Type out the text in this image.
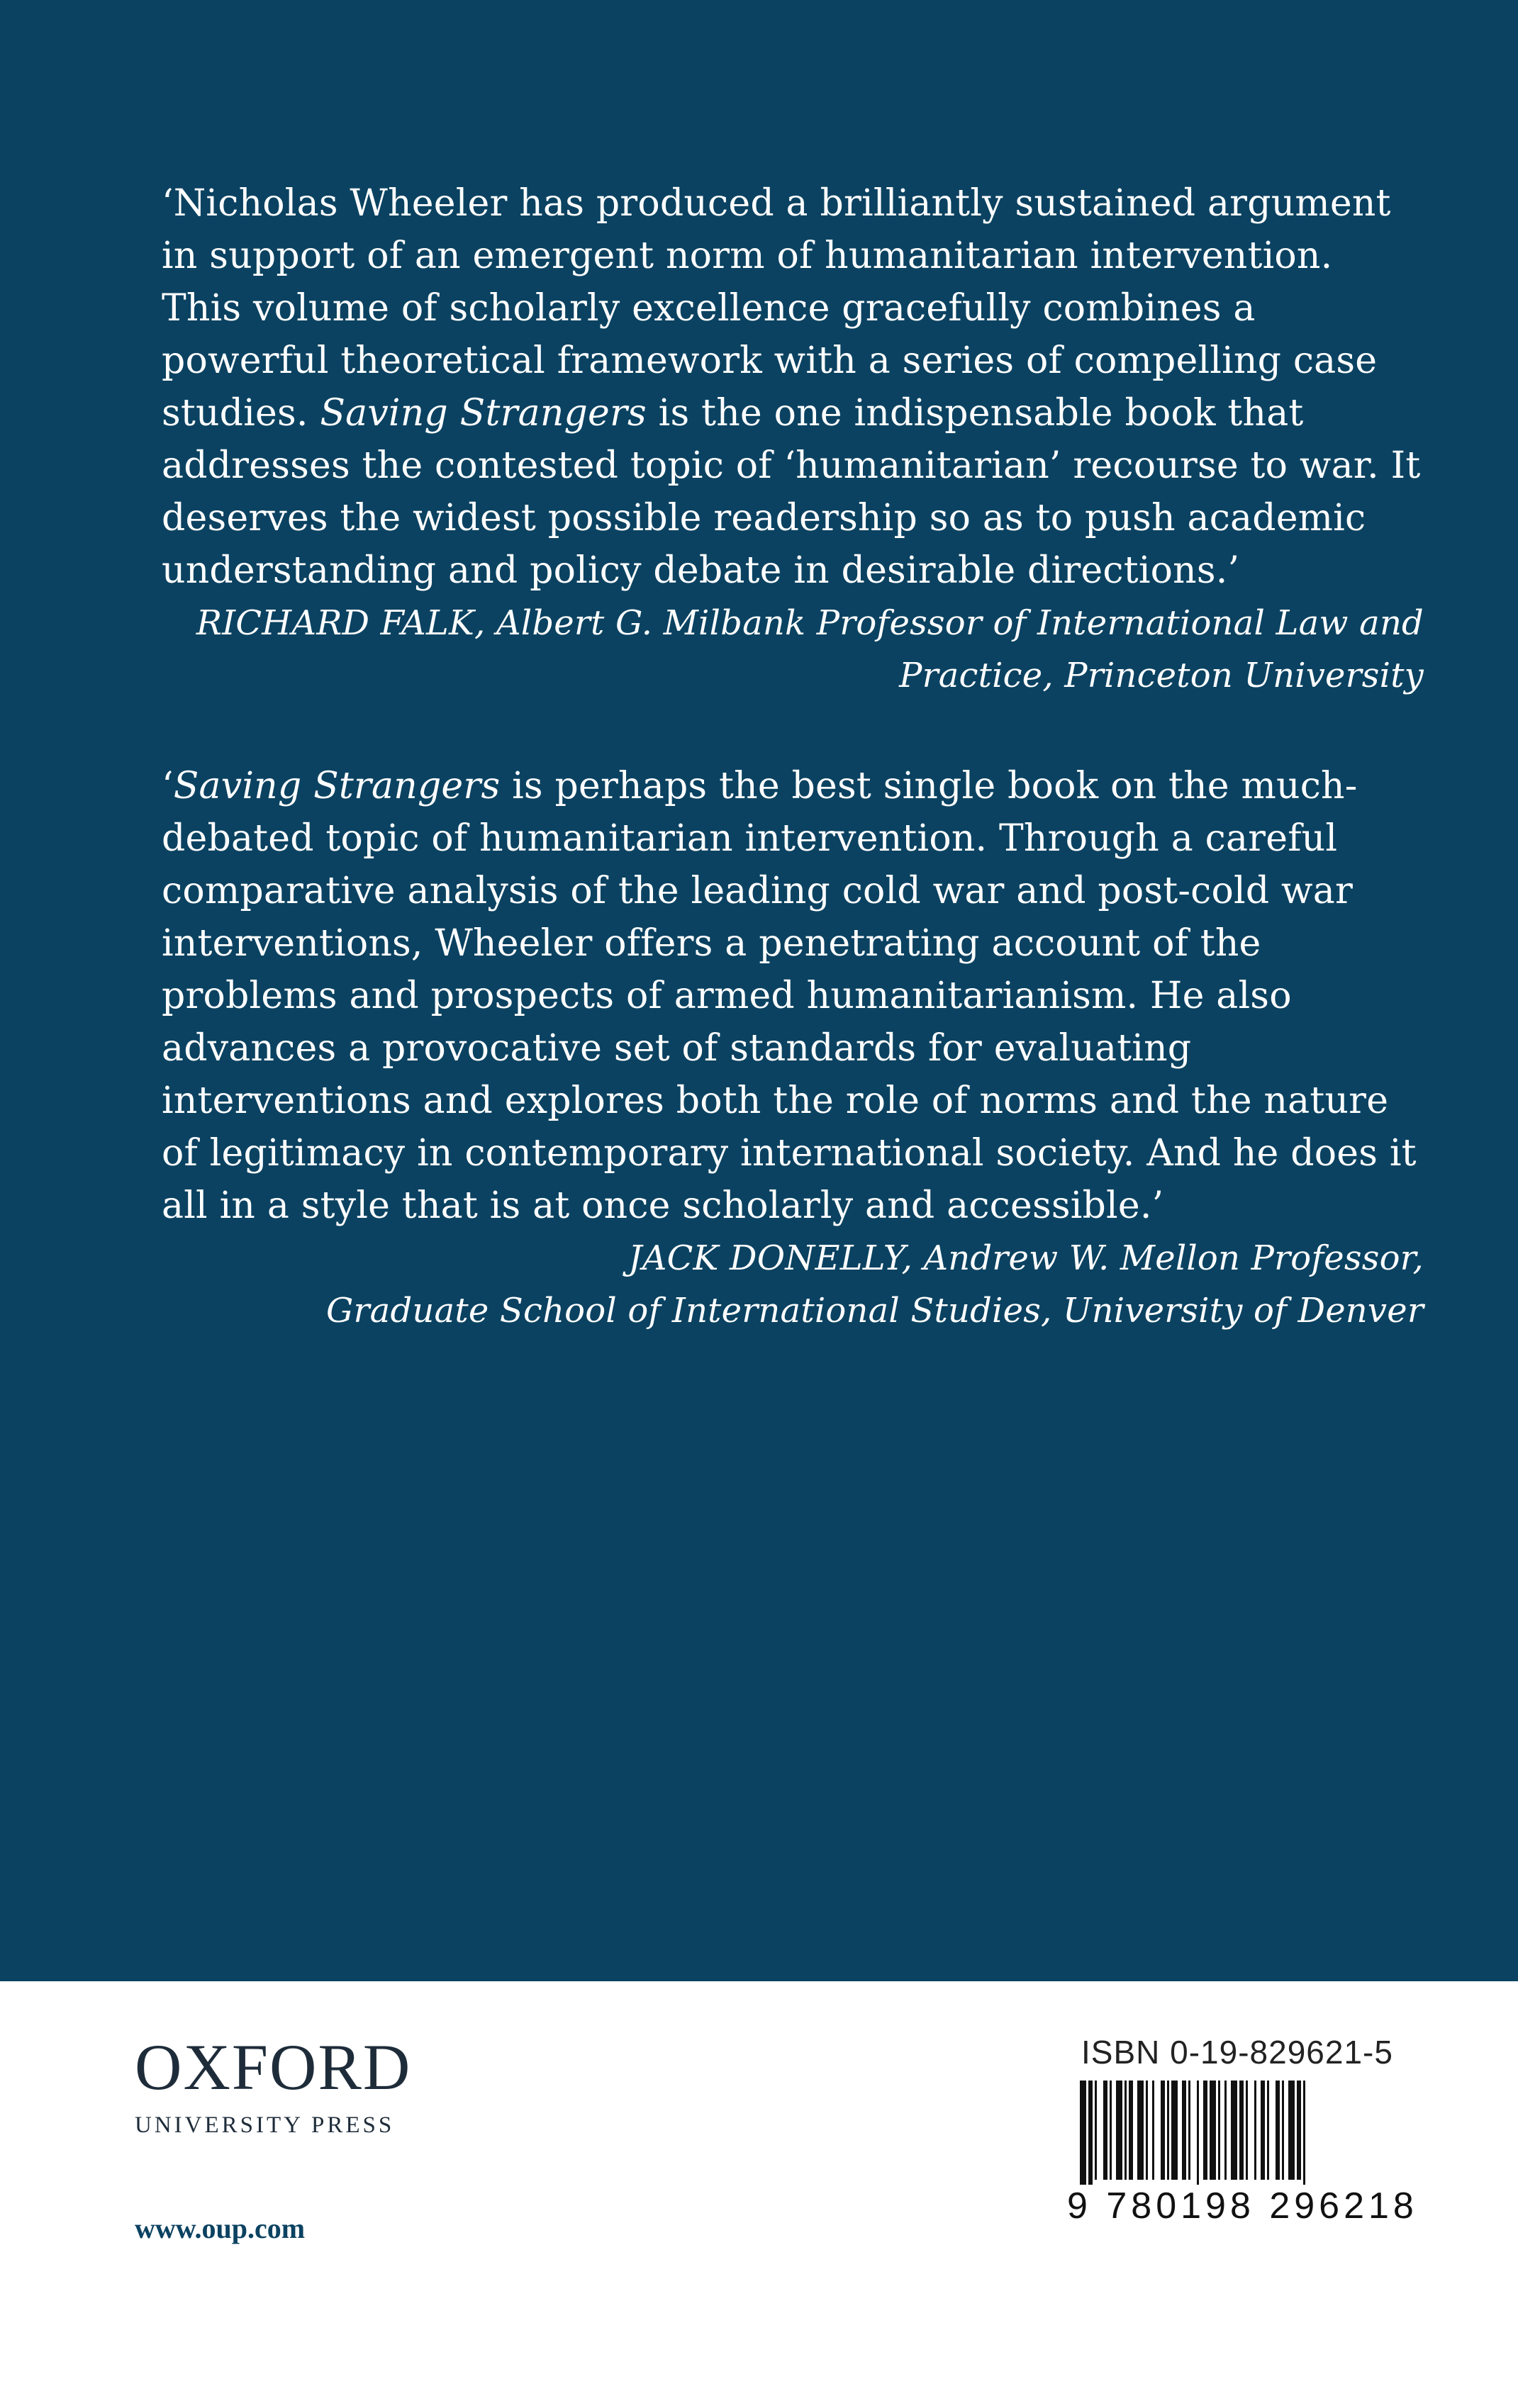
‘Nicholas Wheeler has produced a brilliantly sustained argument in support of an emergent norm of humanitarian intervention. This volume of scholarly excellence gracefully combines a powerful theoretical framework with a series of compelling case studies. Saving Strangers is the one indispensable book that addresses the contested topic of ‘humanitarian’ recourse to war. It deserves the widest possible readership so as to push academic understanding and policy debate in desirable directions.’

RICHARD FALK, Albert G. Milbank Professor of International Law and

Practice, Princeton University

‘Saving Strangers is perhaps the best single book on the much-debated topic of humanitarian intervention. Through a careful comparative analysis of the leading cold war and post-cold war interventions, Wheeler offers a penetrating account of the problems and prospects of armed humanitarianism. He also advances a provocative set of standards for evaluating interventions and explores both the role of norms and the nature of legitimacy in contemporary international society. And he does it all in a style that is at once scholarly and accessible.’

JACK DONELLY, Andrew W. Mellon Professor,

Graduate School of International Studies, University of Denver

OXFORD
UNIVERSITY PRESS
www.oup.com
ISBN 0-19-829621-5
9 780198 296218
